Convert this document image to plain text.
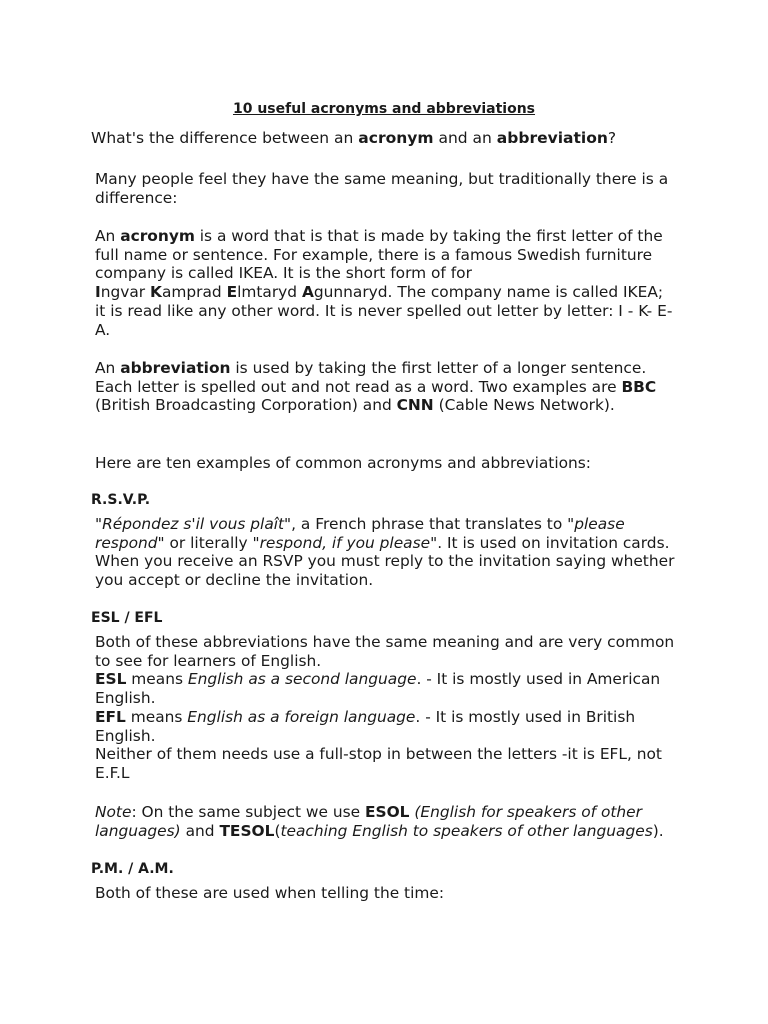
10 useful acronyms and abbreviations
What's the difference between an acronym and an abbreviation?
Many people feel they have the same meaning, but traditionally there is a difference:
An acronym is a word that is that is made by taking the first letter of the full name or sentence. For example, there is a famous Swedish furniture company is called IKEA. It is the short form of for
Ingvar Kamprad Elmtaryd Agunnaryd. The company name is called IKEA; it is read like any other word. It is never spelled out letter by letter: I - K- E- A.
An abbreviation is used by taking the first letter of a longer sentence. Each letter is spelled out and not read as a word. Two examples are BBC (British Broadcasting Corporation) and CNN (Cable News Network).
Here are ten examples of common acronyms and abbreviations:
R.S.V.P.
"Répondez s'il vous plaît", a French phrase that translates to "please respond" or literally "respond, if you please". It is used on invitation cards. When you receive an RSVP you must reply to the invitation saying whether you accept or decline the invitation.
ESL / EFL
Both of these abbreviations have the same meaning and are very common to see for learners of English.
ESL means English as a second language. - It is mostly used in American English.
EFL means English as a foreign language. - It is mostly used in British English.
Neither of them needs use a full-stop in between the letters -it is EFL, not E.F.L
Note: On the same subject we use ESOL (English for speakers of other languages) and TESOL(teaching English to speakers of other languages).
P.M. / A.M.
Both of these are used when telling the time:
